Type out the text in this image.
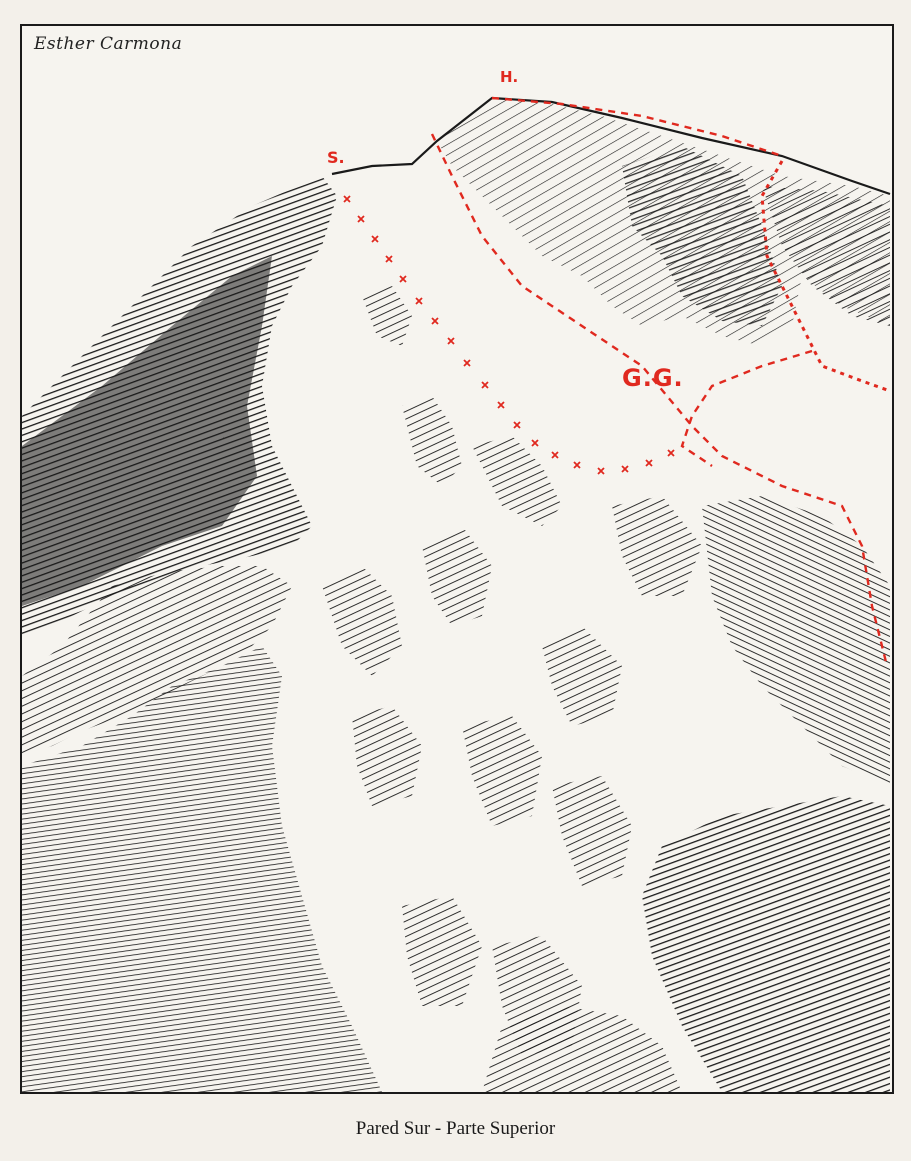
Esther Carmona
H.
S.
G.G.
Pared Sur - Parte Superior
